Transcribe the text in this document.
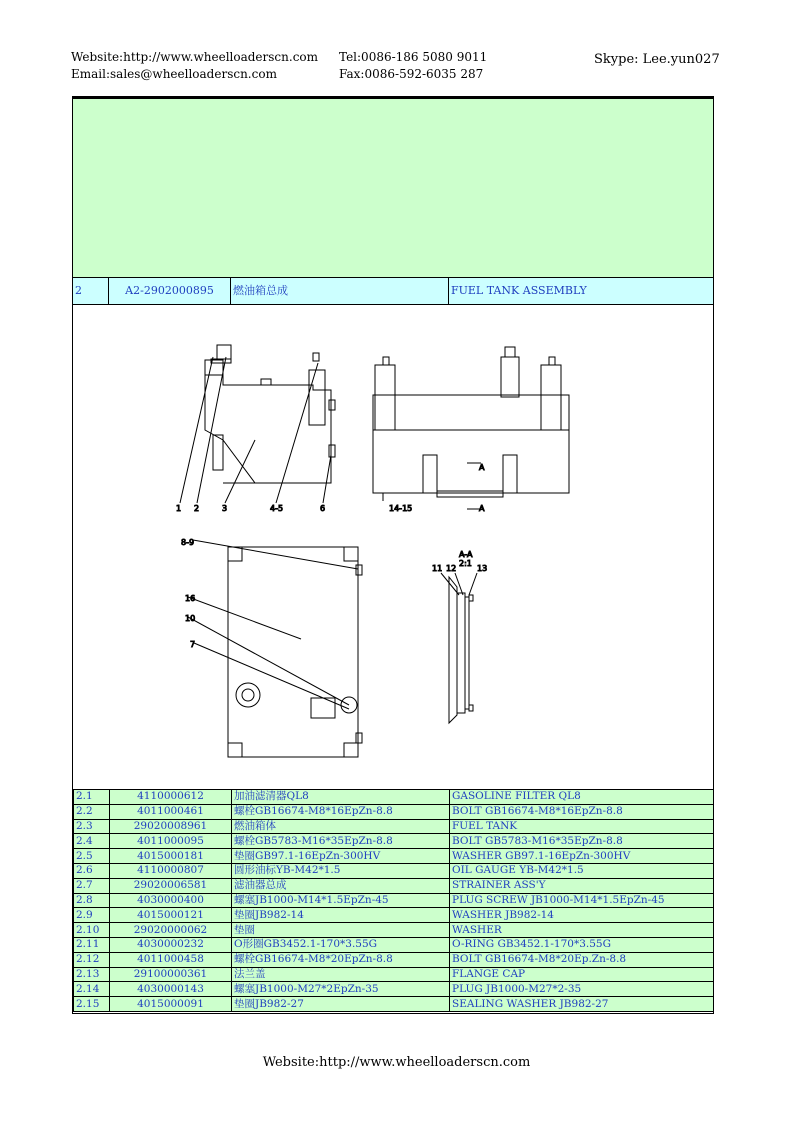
Website:http://www.wheelloaderscn.com
Email:sales@wheelloaderscn.com
Tel:0086-186 5080 9011
Fax:0086-592-6035 287
Skype: Lee.yun027
2	A2-2902000895	燃油箱总成	FUEL TANK ASSEMBLY
1 2	3	4-5	6	14-15
A
A
8-9
16
10
7
A-A
2:1
11 12	13
2.1	4110000612	加油滤清器QL8	GASOLINE FILTER QL8
2.2	4011000461	螺栓GB16674-M8*16EpZn-8.8	BOLT GB16674-M8*16EpZn-8.8
2.3	29020008961	燃油箱体	FUEL TANK
2.4	4011000095	螺栓GB5783-M16*35EpZn-8.8	BOLT GB5783-M16*35EpZn-8.8
2.5	4015000181	垫圈GB97.1-16EpZn-300HV	WASHER GB97.1-16EpZn-300HV
2.6	4110000807	圆形油标YB-M42*1.5	OIL GAUGE YB-M42*1.5
2.7	29020006581	滤油器总成	STRAINER ASS'Y
2.8	4030000400	螺塞JB1000-M14*1.5EpZn-45	PLUG SCREW JB1000-M14*1.5EpZn-45
2.9	4015000121	垫圈JB982-14	WASHER JB982-14
2.10	29020000062	垫圈	WASHER
2.11	4030000232	O形圈GB3452.1-170*3.55G	O-RING GB3452.1-170*3.55G
2.12	4011000458	螺栓GB16674-M8*20EpZn-8.8	BOLT GB16674-M8*20Ep.Zn-8.8
2.13	29100000361	法兰盖	FLANGE CAP
2.14	4030000143	螺塞JB1000-M27*2EpZn-35	PLUG JB1000-M27*2-35
2.15	4015000091	垫圈JB982-27	SEALING WASHER JB982-27
Website:http://www.wheelloaderscn.com
